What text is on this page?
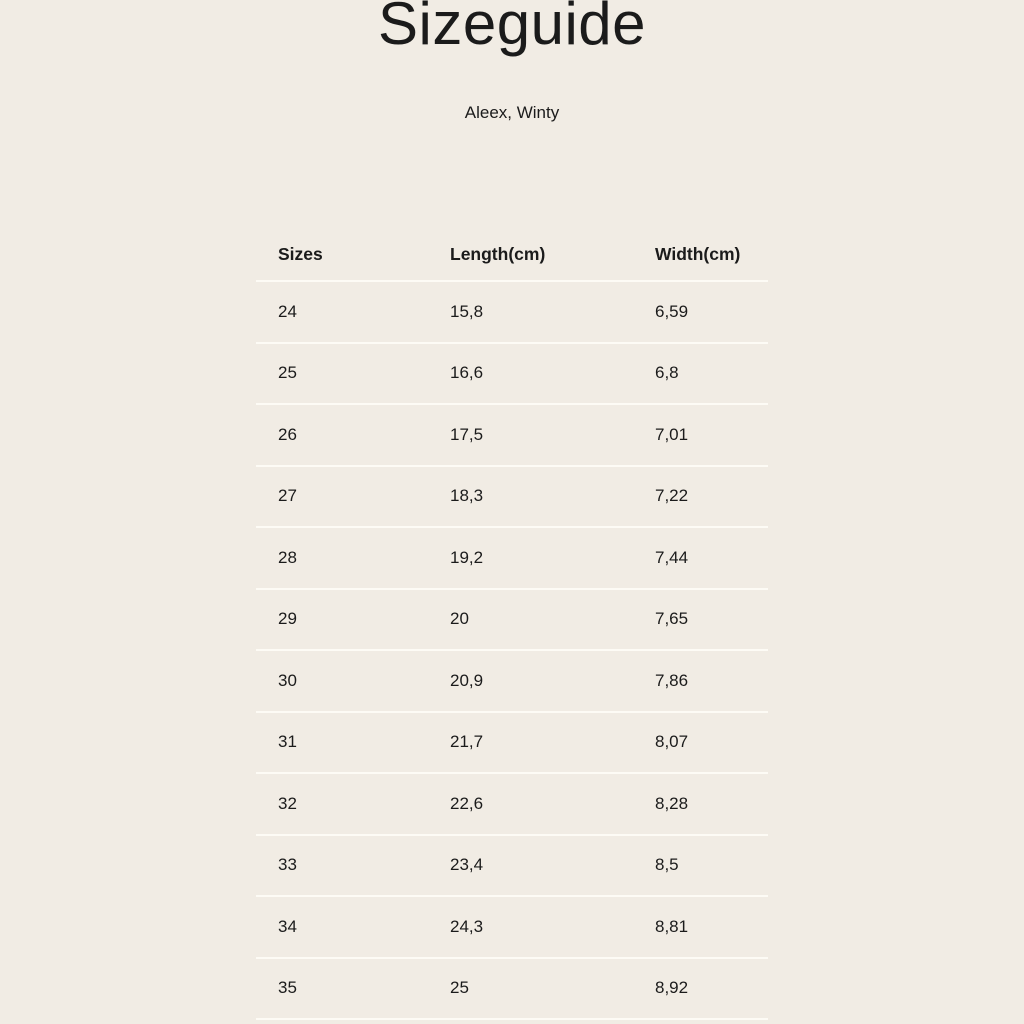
Sizeguide
Aleex, Winty
Sizes	Length(cm)	Width(cm)
24	15,8	6,59
25	16,6	6,8
26	17,5	7,01
27	18,3	7,22
28	19,2	7,44
29	20	7,65
30	20,9	7,86
31	21,7	8,07
32	22,6	8,28
33	23,4	8,5
34	24,3	8,81
35	25	8,92
